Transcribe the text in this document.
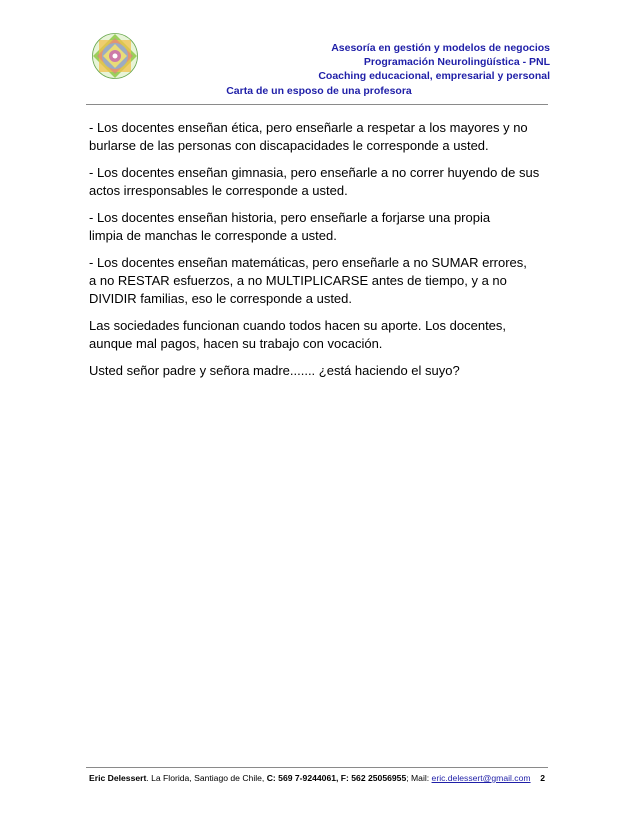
Asesoría en gestión y modelos de negocios
Programación Neurolingüística - PNL
Coaching educacional, empresarial y personal
Carta de un esposo de una profesora

- Los docentes enseñan ética, pero enseñarle a respetar a los mayores y no
burlarse de las personas con discapacidades le corresponde a usted.

- Los docentes enseñan gimnasia, pero enseñarle a no correr huyendo de sus
actos irresponsables le corresponde a usted.

- Los docentes enseñan historia, pero enseñarle a forjarse una propia
limpia de manchas le corresponde a usted.

- Los docentes enseñan matemáticas, pero enseñarle a no SUMAR errores,
a no RESTAR esfuerzos, a no MULTIPLICARSE antes de tiempo, y a no
DIVIDIR familias, eso le corresponde a usted.

Las sociedades funcionan cuando todos hacen su aporte. Los docentes,
aunque mal pagos, hacen su trabajo con vocación.

Usted señor padre y señora madre....... ¿está haciendo el suyo?

Eric Delessert. La Florida, Santiago de Chile, C: 569 7-9244061, F: 562 25056955; Mail: eric.delessert@gmail.com 2
